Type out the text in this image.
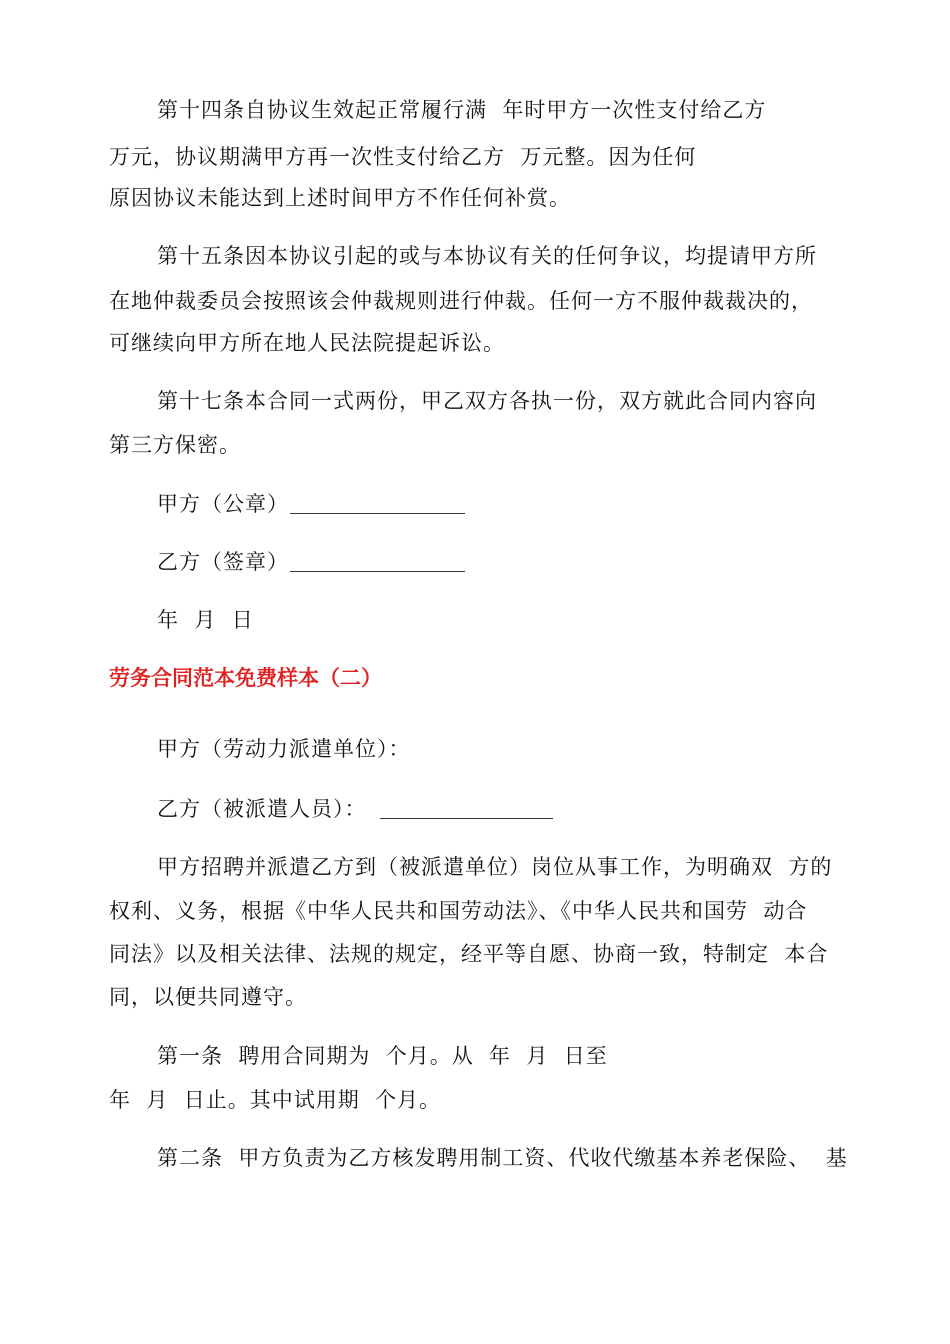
第十四条自协议生效起正常履行满  年时甲方一次性支付给乙方
万元，协议期满甲方再一次性支付给乙方  万元整。因为任何
原因协议未能达到上述时间甲方不作任何补赏。
第十五条因本协议引起的或与本协议有关的任何争议，均提请甲方所
在地仲裁委员会按照该会仲裁规则进行仲裁。任何一方不服仲裁裁决的，
可继续向甲方所在地人民法院提起诉讼。
第十七条本合同一式两份，甲乙双方各执一份，双方就此合同内容向
第三方保密。
甲方（公章）
乙方（签章）
年  月  日
劳务合同范本免费样本（二）
甲方（劳动力派遣单位）：
乙方（被派遣人员）：
甲方招聘并派遣乙方到（被派遣单位）岗位从事工作，为明确双  方的
权利、义务，根据《中华人民共和国劳动法》、《中华人民共和国劳  动合
同法》以及相关法律、法规的规定，经平等自愿、协商一致，特制定  本合
同，以便共同遵守。
第一条  聘用合同期为  个月。从  年  月  日至
年  月  日止。其中试用期  个月。
第二条  甲方负责为乙方核发聘用制工资、代收代缴基本养老保险、  基
